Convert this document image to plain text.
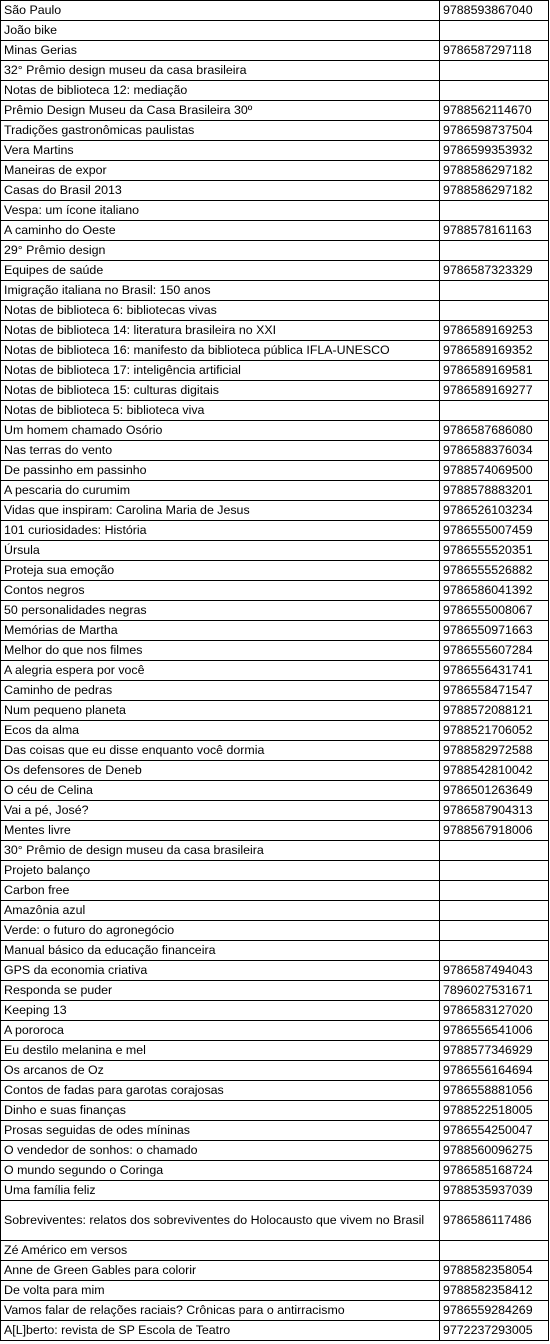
São Paulo	9788593867040
João bike	
Minas Gerias	9786587297118
32° Prêmio design museu da casa brasileira	
Notas de biblioteca 12: mediação	
Prêmio Design Museu da Casa Brasileira 30º	9788562114670
Tradições gastronômicas paulistas	9786598737504
Vera Martins	9786599353932
Maneiras de expor	9788586297182
Casas do Brasil 2013	9788586297182
Vespa: um ícone italiano	
A caminho do Oeste	9788578161163
29° Prêmio design	
Equipes de saúde	9786587323329
Imigração italiana no Brasil: 150 anos	
Notas de biblioteca 6: bibliotecas vivas	
Notas de biblioteca 14: literatura brasileira no XXI	9786589169253
Notas de biblioteca 16: manifesto da biblioteca pública IFLA-UNESCO	9786589169352
Notas de biblioteca 17: inteligência artificial	9786589169581
Notas de biblioteca 15: culturas digitais	9786589169277
Notas de biblioteca 5: biblioteca viva	
Um homem chamado Osório	9786587686080
Nas terras do vento	9786588376034
De passinho em passinho	9788574069500
A pescaria do curumim	9788578883201
Vidas que inspiram: Carolina Maria de Jesus	9786526103234
101 curiosidades: História	9786555007459
Úrsula	9786555520351
Proteja sua emoção	9786555526882
Contos negros	9786586041392
50 personalidades negras	9786555008067
Memórias de Martha	9786550971663
Melhor do que nos filmes	9786555607284
A alegria espera por você	9786556431741
Caminho de pedras	9786558471547
Num pequeno planeta	9788572088121
Ecos da alma	9788521706052
Das coisas que eu disse enquanto você dormia	9788582972588
Os defensores de Deneb	9788542810042
O céu de Celina	9786501263649
Vai a pé, José?	9786587904313
Mentes livre	9788567918006
30° Prêmio de design museu da casa brasileira	
Projeto balanço	
Carbon free	
Amazônia azul	
Verde: o futuro do agronegócio	
Manual básico da educação financeira	
GPS da economia criativa	9786587494043
Responda se puder	7896027531671
Keeping 13	9786583127020
A pororoca	9786556541006
Eu destilo melanina e mel	9788577346929
Os arcanos de Oz	9786556164694
Contos de fadas para garotas corajosas	9786558881056
Dinho e suas finanças	9788522518005
Prosas seguidas de odes míninas	9786554250047
O vendedor de sonhos: o chamado	9788560096275
O mundo segundo o Coringa	9786585168724
Uma família feliz	9788535937039
Sobreviventes: relatos dos sobreviventes do Holocausto que vivem no Brasil	9786586117486
Zé Américo em versos	
Anne de Green Gables para colorir	9788582358054
De volta para mim	9788582358412
Vamos falar de relações raciais? Crônicas para o antirracismo	9786559284269
A[L]berto: revista de SP Escola de Teatro	9772237293005
